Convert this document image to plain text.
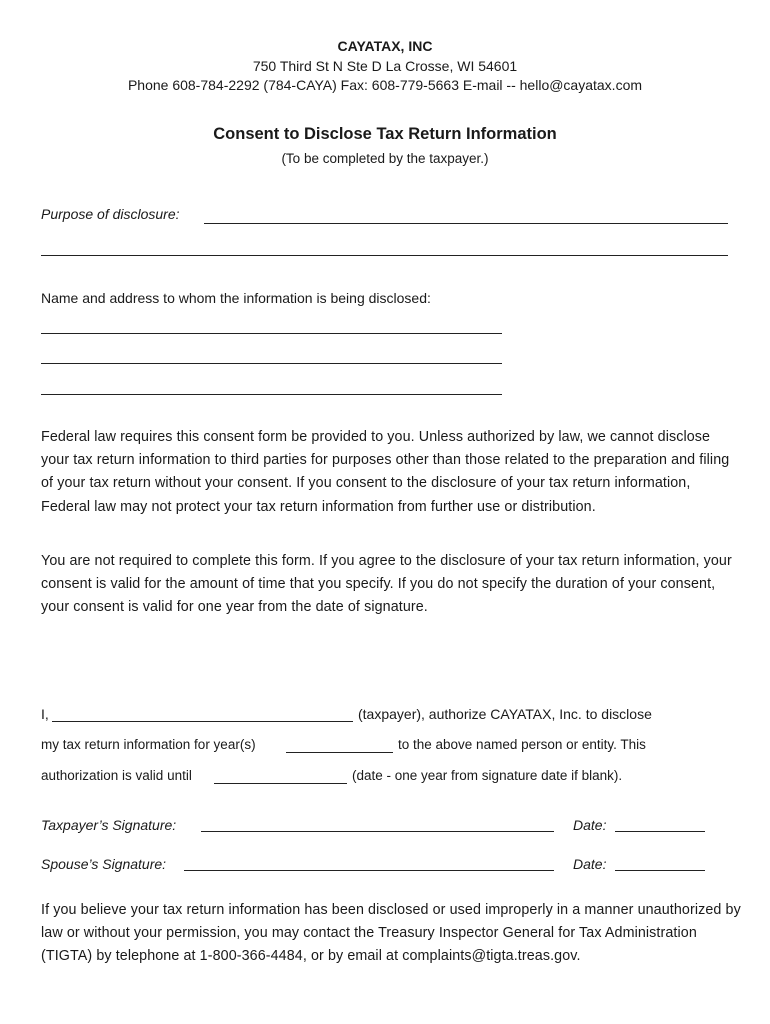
CAYATAX, INC
750 Third St N Ste D La Crosse, WI 54601
Phone 608-784-2292 (784-CAYA) Fax: 608-779-5663 E-mail -- hello@cayatax.com
Consent to Disclose Tax Return Information
(To be completed by the taxpayer.)
Purpose of disclosure:
Name and address to whom the information is being disclosed:
Federal law requires this consent form be provided to you. Unless authorized by law, we cannot disclose your tax return information to third parties for purposes other than those related to the preparation and filing of your tax return without your consent. If you consent to the disclosure of your tax return information, Federal law may not protect your tax return information from further use or distribution.
You are not required to complete this form. If you agree to the disclosure of your tax return information, your consent is valid for the amount of time that you specify. If you do not specify the duration of your consent, your consent is valid for one year from the date of signature.
I,	(taxpayer), authorize CAYATAX, Inc. to disclose
my tax return information for year(s)	to the above named person or entity. This
authorization is valid until	(date - one year from signature date if blank).
Taxpayer’s Signature:	Date:
Spouse’s Signature:	Date:
If you believe your tax return information has been disclosed or used improperly in a manner unauthorized by law or without your permission, you may contact the Treasury Inspector General for Tax Administration (TIGTA) by telephone at 1-800-366-4484, or by email at complaints@tigta.treas.gov.
